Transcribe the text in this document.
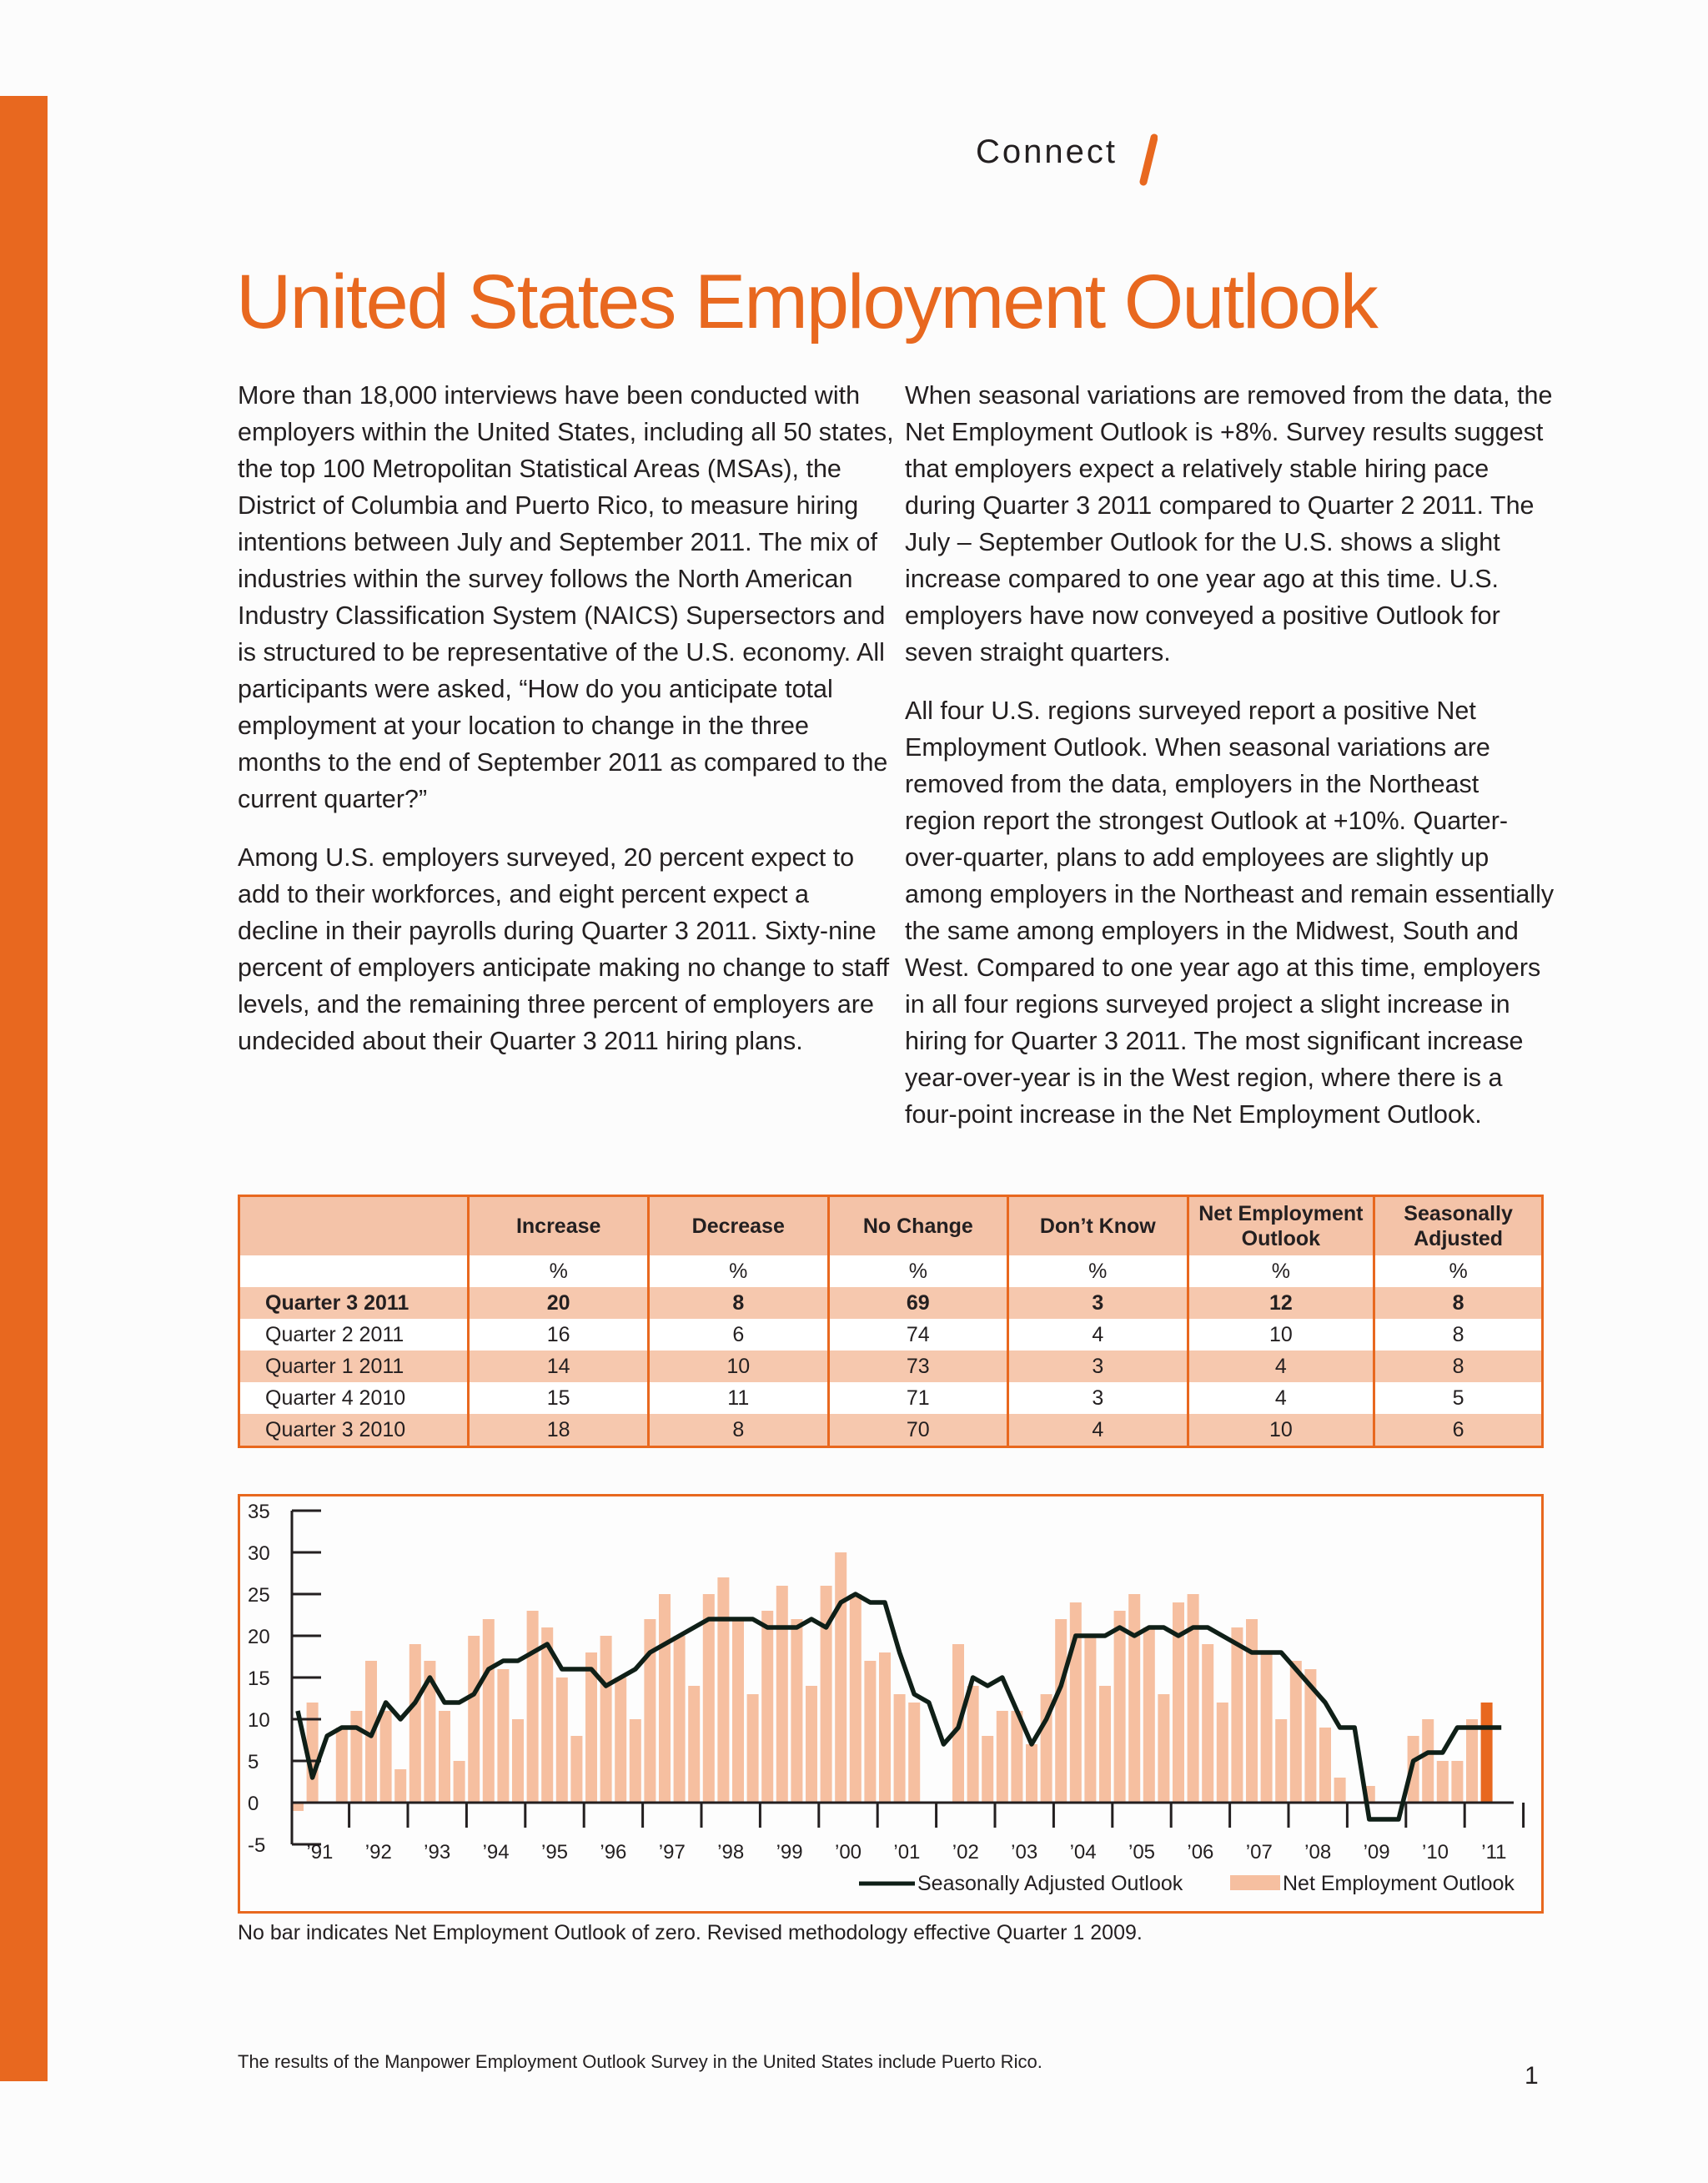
Connect
United States Employment Outlook

More than 18,000 interviews have been conducted with employers within the United States, including all 50 states, the top 100 Metropolitan Statistical Areas (MSAs), the District of Columbia and Puerto Rico, to measure hiring intentions between July and September 2011. The mix of industries within the survey follows the North American Industry Classification System (NAICS) Supersectors and is structured to be representative of the U.S. economy. All participants were asked, “How do you anticipate total employment at your location to change in the three months to the end of September 2011 as compared to the current quarter?”

Among U.S. employers surveyed, 20 percent expect to add to their workforces, and eight percent expect a decline in their payrolls during Quarter 3 2011. Sixty-nine percent of employers anticipate making no change to staff levels, and the remaining three percent of employers are undecided about their Quarter 3 2011 hiring plans.

When seasonal variations are removed from the data, the Net Employment Outlook is +8%. Survey results suggest that employers expect a relatively stable hiring pace during Quarter 3 2011 compared to Quarter 2 2011. The July – September Outlook for the U.S. shows a slight increase compared to one year ago at this time. U.S. employers have now conveyed a positive Outlook for seven straight quarters.

All four U.S. regions surveyed report a positive Net Employment Outlook. When seasonal variations are removed from the data, employers in the Northeast region report the strongest Outlook at +10%. Quarter-over-quarter, plans to add employees are slightly up among employers in the Northeast and remain essentially the same among employers in the Midwest, South and West. Compared to one year ago at this time, employers in all four regions surveyed project a slight increase in hiring for Quarter 3 2011. The most significant increase year-over-year is in the West region, where there is a four-point increase in the Net Employment Outlook.

	Increase	Decrease	No Change	Don’t Know	Net Employment Outlook	Seasonally Adjusted
	%	%	%	%	%	%
Quarter 3 2011	20	8	69	3	12	8
Quarter 2 2011	16	6	74	4	10	8
Quarter 1 2011	14	10	73	3	4	8
Quarter 4 2010	15	11	71	3	4	5
Quarter 3 2010	18	8	70	4	10	6
35
30
25
20
15
10
5
0
-5 ’91 ’92 ’93 ’94 ’95 ’96 ’97 ’98 ’99 ’00 ’01 ’02 ’03 ’04 ’05 ’06 ’07 ’08 ’09 ’10 ’11
Seasonally Adjusted Outlook	Net Employment Outlook
No bar indicates Net Employment Outlook of zero. Revised methodology effective Quarter 1 2009.
The results of the Manpower Employment Outlook Survey in the United States include Puerto Rico.
1
